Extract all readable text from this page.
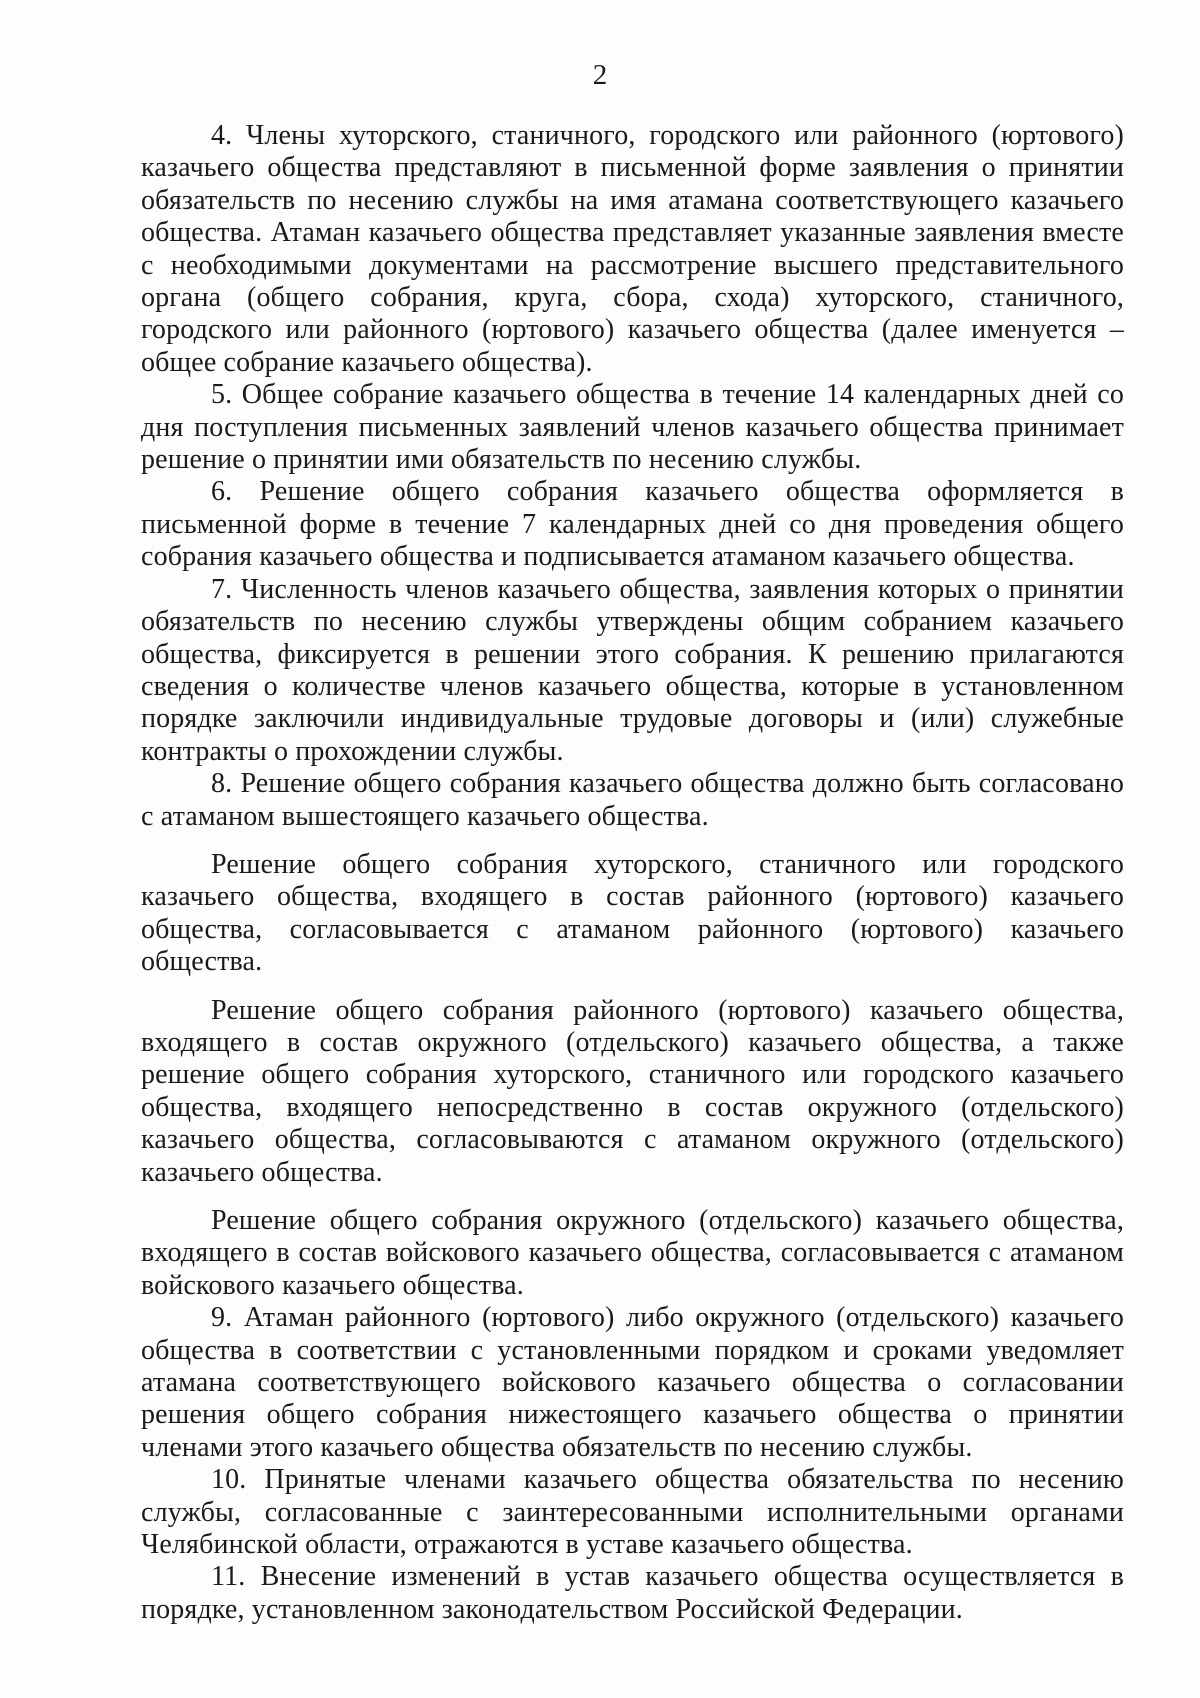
2

4. Члены хуторского, станичного, городского или районного (юртового) казачьего общества представляют в письменной форме заявления о принятии обязательств по несению службы на имя атамана соответствующего казачьего общества. Атаман казачьего общества представляет указанные заявления вместе с необходимыми документами на рассмотрение высшего представительного органа (общего собрания, круга, сбора, схода) хуторского, станичного, городского или районного (юртового) казачьего общества (далее именуется – общее собрание казачьего общества).

5. Общее собрание казачьего общества в течение 14 календарных дней со дня поступления письменных заявлений членов казачьего общества принимает решение о принятии ими обязательств по несению службы.

6. Решение общего собрания казачьего общества оформляется в письменной форме в течение 7 календарных дней со дня проведения общего собрания казачьего общества и подписывается атаманом казачьего общества.

7. Численность членов казачьего общества, заявления которых о принятии обязательств по несению службы утверждены общим собранием казачьего общества, фиксируется в решении этого собрания. К решению прилагаются сведения о количестве членов казачьего общества, которые в установленном порядке заключили индивидуальные трудовые договоры и (или) служебные контракты о прохождении службы.

8. Решение общего собрания казачьего общества должно быть согласовано с атаманом вышестоящего казачьего общества.

Решение общего собрания хуторского, станичного или городского казачьего общества, входящего в состав районного (юртового) казачьего общества, согласовывается с атаманом районного (юртового) казачьего общества.

Решение общего собрания районного (юртового) казачьего общества, входящего в состав окружного (отдельского) казачьего общества, а также решение общего собрания хуторского, станичного или городского казачьего общества, входящего непосредственно в состав окружного (отдельского) казачьего общества, согласовываются с атаманом окружного (отдельского) казачьего общества.

Решение общего собрания окружного (отдельского) казачьего общества, входящего в состав войскового казачьего общества, согласовывается с атаманом войскового казачьего общества.

9. Атаман районного (юртового) либо окружного (отдельского) казачьего общества в соответствии с установленными порядком и сроками уведомляет атамана соответствующего войскового казачьего общества о согласовании решения общего собрания нижестоящего казачьего общества о принятии членами этого казачьего общества обязательств по несению службы.

10. Принятые членами казачьего общества обязательства по несению службы, согласованные с заинтересованными исполнительными органами Челябинской области, отражаются в уставе казачьего общества.

11. Внесение изменений в устав казачьего общества осуществляется в порядке, установленном законодательством Российской Федерации.
